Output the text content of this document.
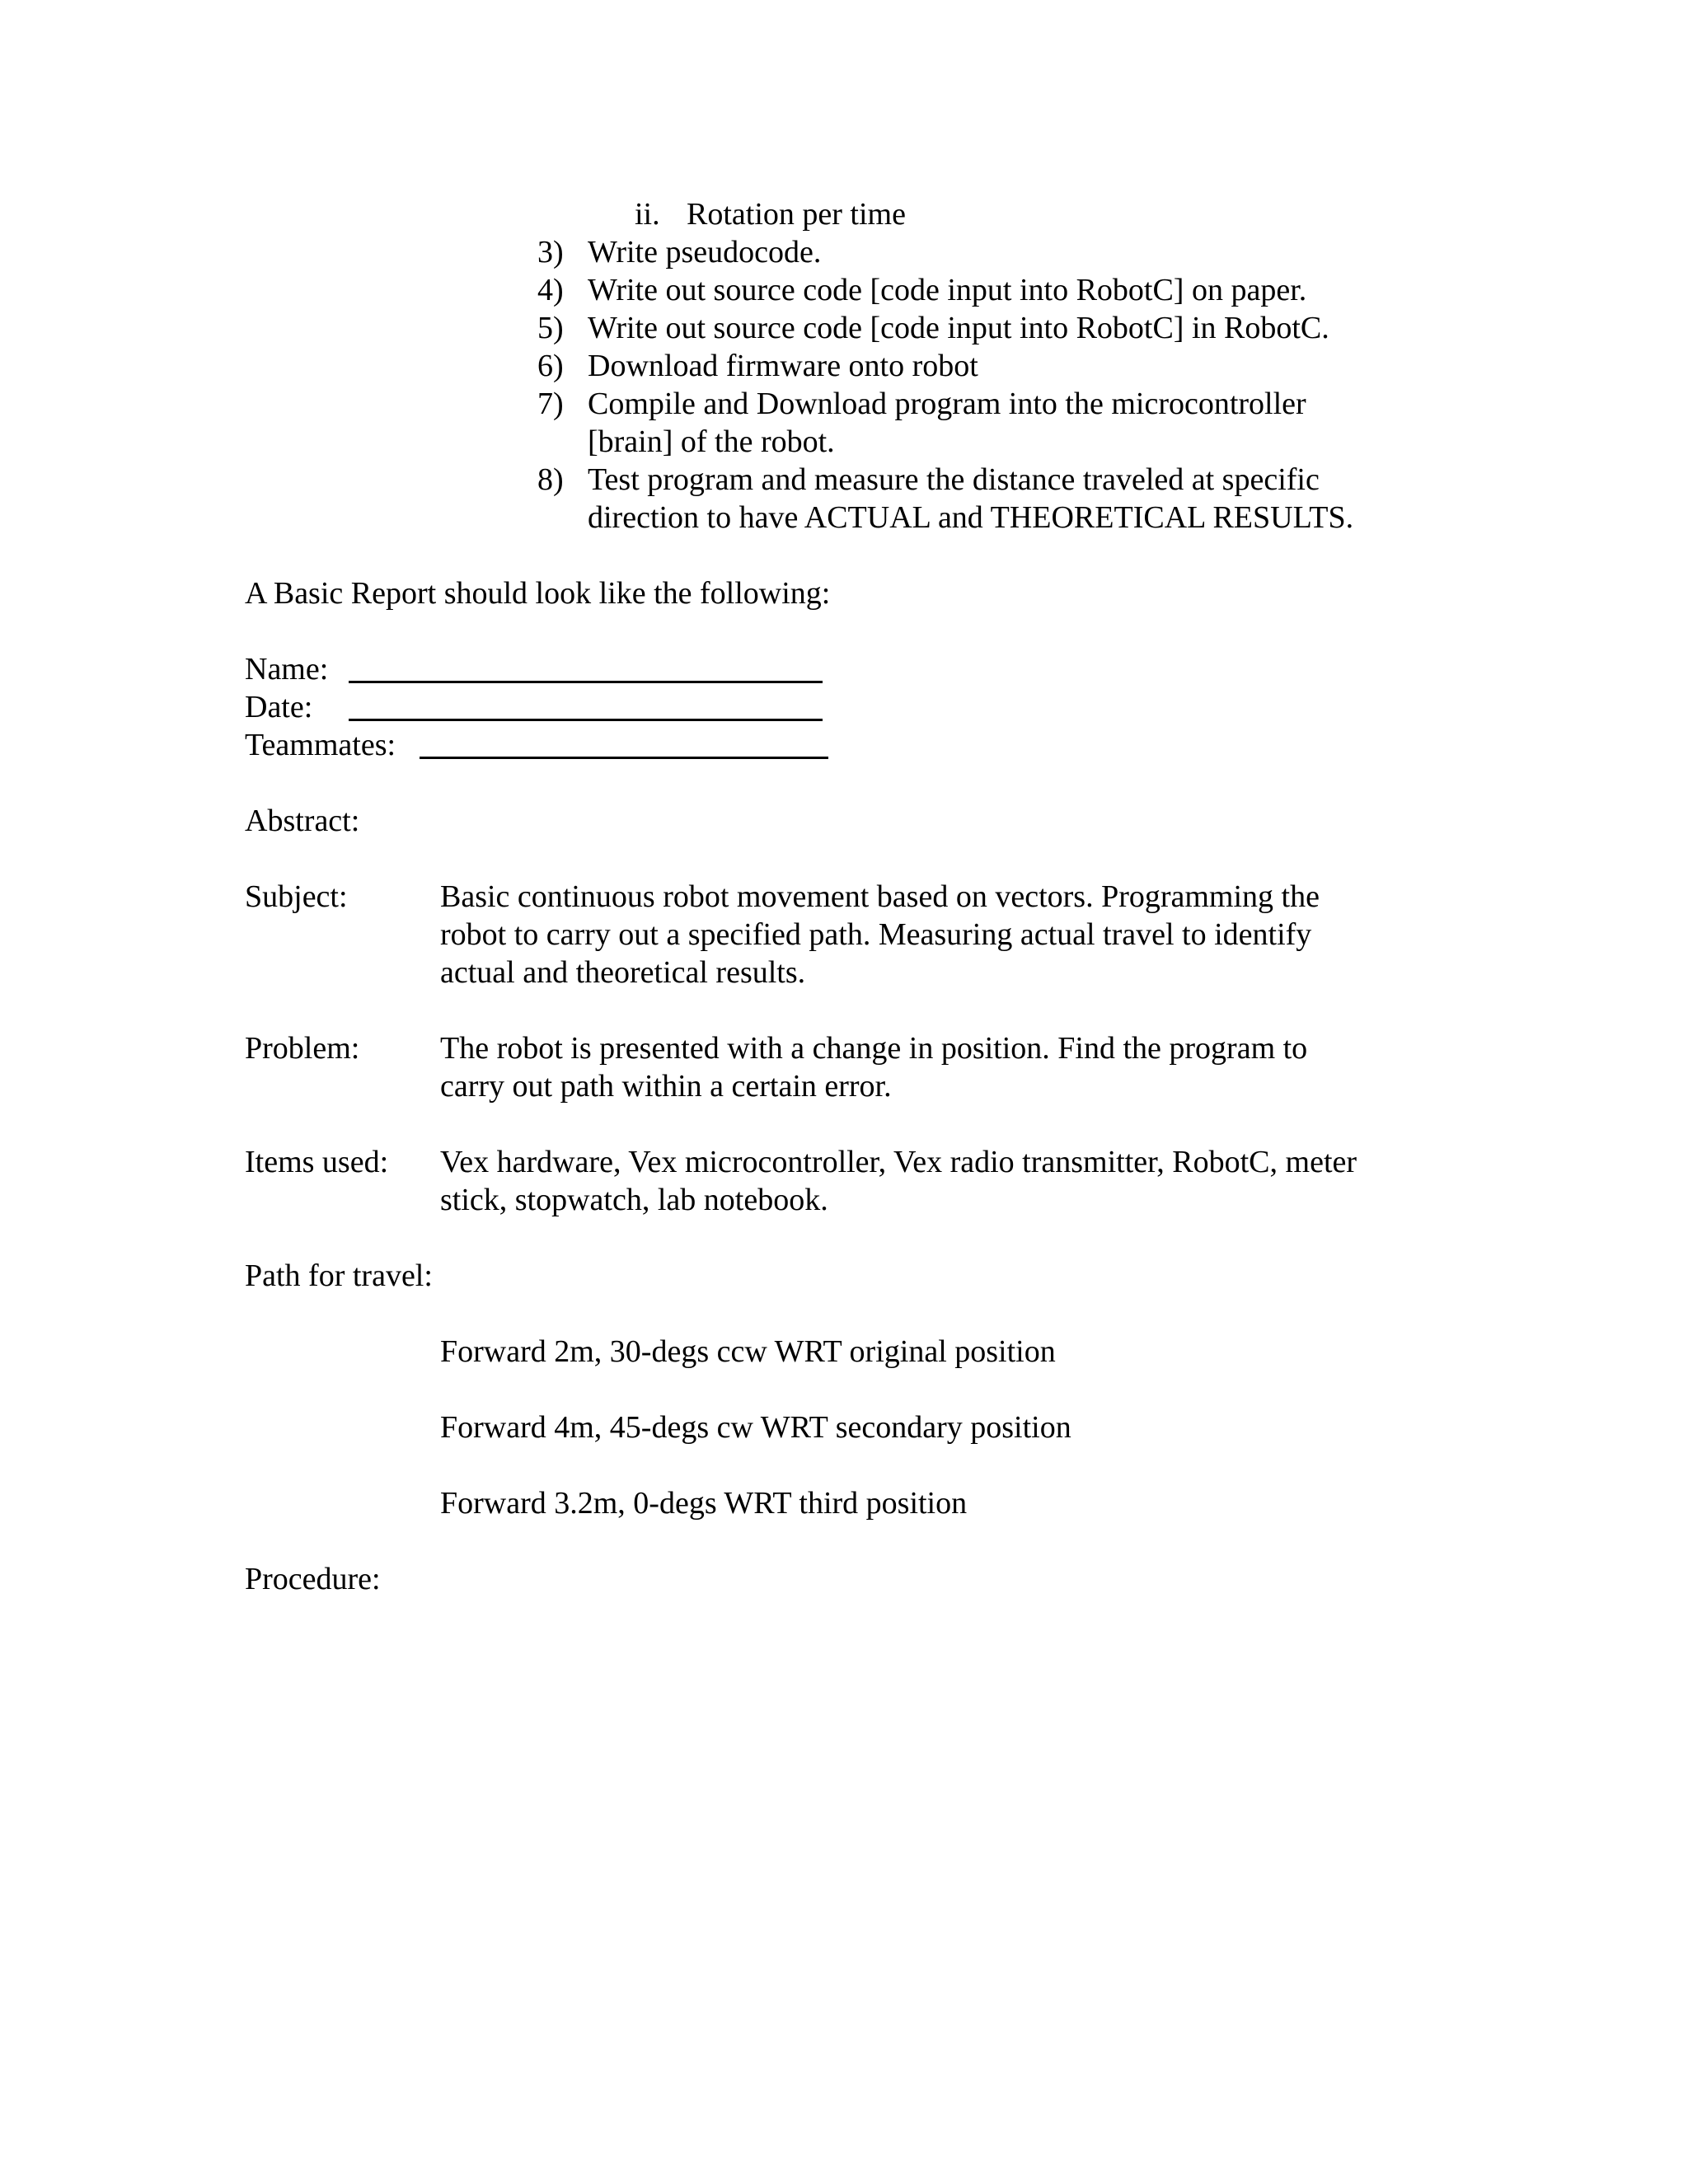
ii. Rotation per time
3) Write pseudocode.
4) Write out source code [code input into RobotC] on paper.
5) Write out source code [code input into RobotC] in RobotC.
6) Download firmware onto robot
7) Compile and Download program into the microcontroller
[brain] of the robot.
8) Test program and measure the distance traveled at specific
direction to have ACTUAL and THEORETICAL RESULTS.
A Basic Report should look like the following:
Name:
Date:
Teammates:
Abstract:
Subject:	Basic continuous robot movement based on vectors. Programming the
robot to carry out a specified path. Measuring actual travel to identify
actual and theoretical results.
Problem:	The robot is presented with a change in position. Find the program to
carry out path within a certain error.
Items used: Vex hardware, Vex microcontroller, Vex radio transmitter, RobotC, meter
stick, stopwatch, lab notebook.
Path for travel:
Forward 2m, 30-degs ccw WRT original position
Forward 4m, 45-degs cw WRT secondary position
Forward 3.2m, 0-degs WRT third position
Procedure:
